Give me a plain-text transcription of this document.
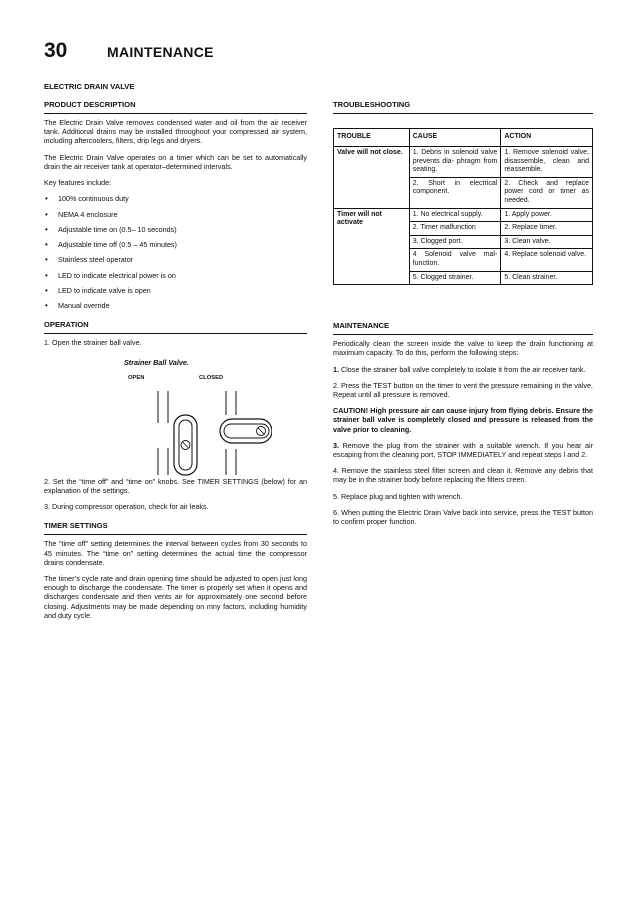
30	MAINTENANCE
ELECTRIC DRAIN VALVE
PRODUCT DESCRIPTION

The Electric Drain Valve removes condensed water and oil from the air receiver tank. Additional drains may be installed throughout your compressed air system, including aftercoolers, filters, drip legs and dryers.

The Electric Drain Valve operates on a timer which can be set to automatically drain the air receiver tank at operator–determined intervals.

Key features include:

• 100% continuous duty
• NEMA 4 enclosure
• Adjustable time on (0.5– 10 seconds)
• Adjustable time off (0.5 – 45 minutes)
• Stainless steel operator
• LED to indicate electrical power is on
• LED to indicate valve is open
• Manual override
OPERATION

1. Open the strainer ball valve.

Strainer Ball Valve.
OPEN	CLOSED

2. Set the “time off” and “time on” knobs. See TIMER SETTINGS (below) for an explanation of the settings.

3. During compressor operation, check for air leaks.

TIMER SETTINGS

The “time off” setting determines the interval between cycles from 30 seconds to 45 minutes. The “time on” setting determines the actual time the compressor drains condensate.

The timer’s cycle rate and drain opening time should be adjusted to open just long enough to discharge the condensate. The timer is properly set when it opens and discharges condensate and then vents air for approximately one second before closing. Adjustments may be made depending on mny factors, including humidity and duty cycle.

TROUBLESHOOTING
TROUBLE	CAUSE	ACTION
Valve will not close.	1. Debris in solenoid valve prevents dia- phragm from seating.	1. Remove solenoid valve, disassemble, clean and reassemble.
	2. Short in electrical component.	2. Check and replace power cord or timer as needed.
Timer will not activate	1. No electrical supply.	1. Apply power.
	2. Timer malfunction	2. Replace timer.
	3. Clogged port.	3. Clean valve.
	4 Solenoid valve mal- function.	4. Replace solenoid valve.
	5. Clogged strainer.	5. Clean strainer.
MAINTENANCE

Periodically clean the screen inside the valve to keep the drain functioning at maximum capacity. To do this, perform the following steps:

1. Close the strainer ball valve completely to isolate it from the air receiver tank.

2. Press the TEST button on the timer to vent the pressure remaining in the valve. Repeat until all pressure is removed.

CAUTION! High pressure air can cause injury from flying debris. Ensure the strainer ball valve is completely closed and pressure is released from the valve prior to cleaning.

3. Remove the plug from the strainer with a suitable wrench. If you hear air escaping from the cleaning port, STOP IMMEDIATELY and repeat steps l and 2.

4. Remove the stainless steel filter screen and clean it. Remove any debris that may be in the strainer body before replacing the filters creen.

5. Replace plug and tighten with wrench.

6. When putting the Electric Drain Valve back into service, press the TEST button to confirm proper function.
